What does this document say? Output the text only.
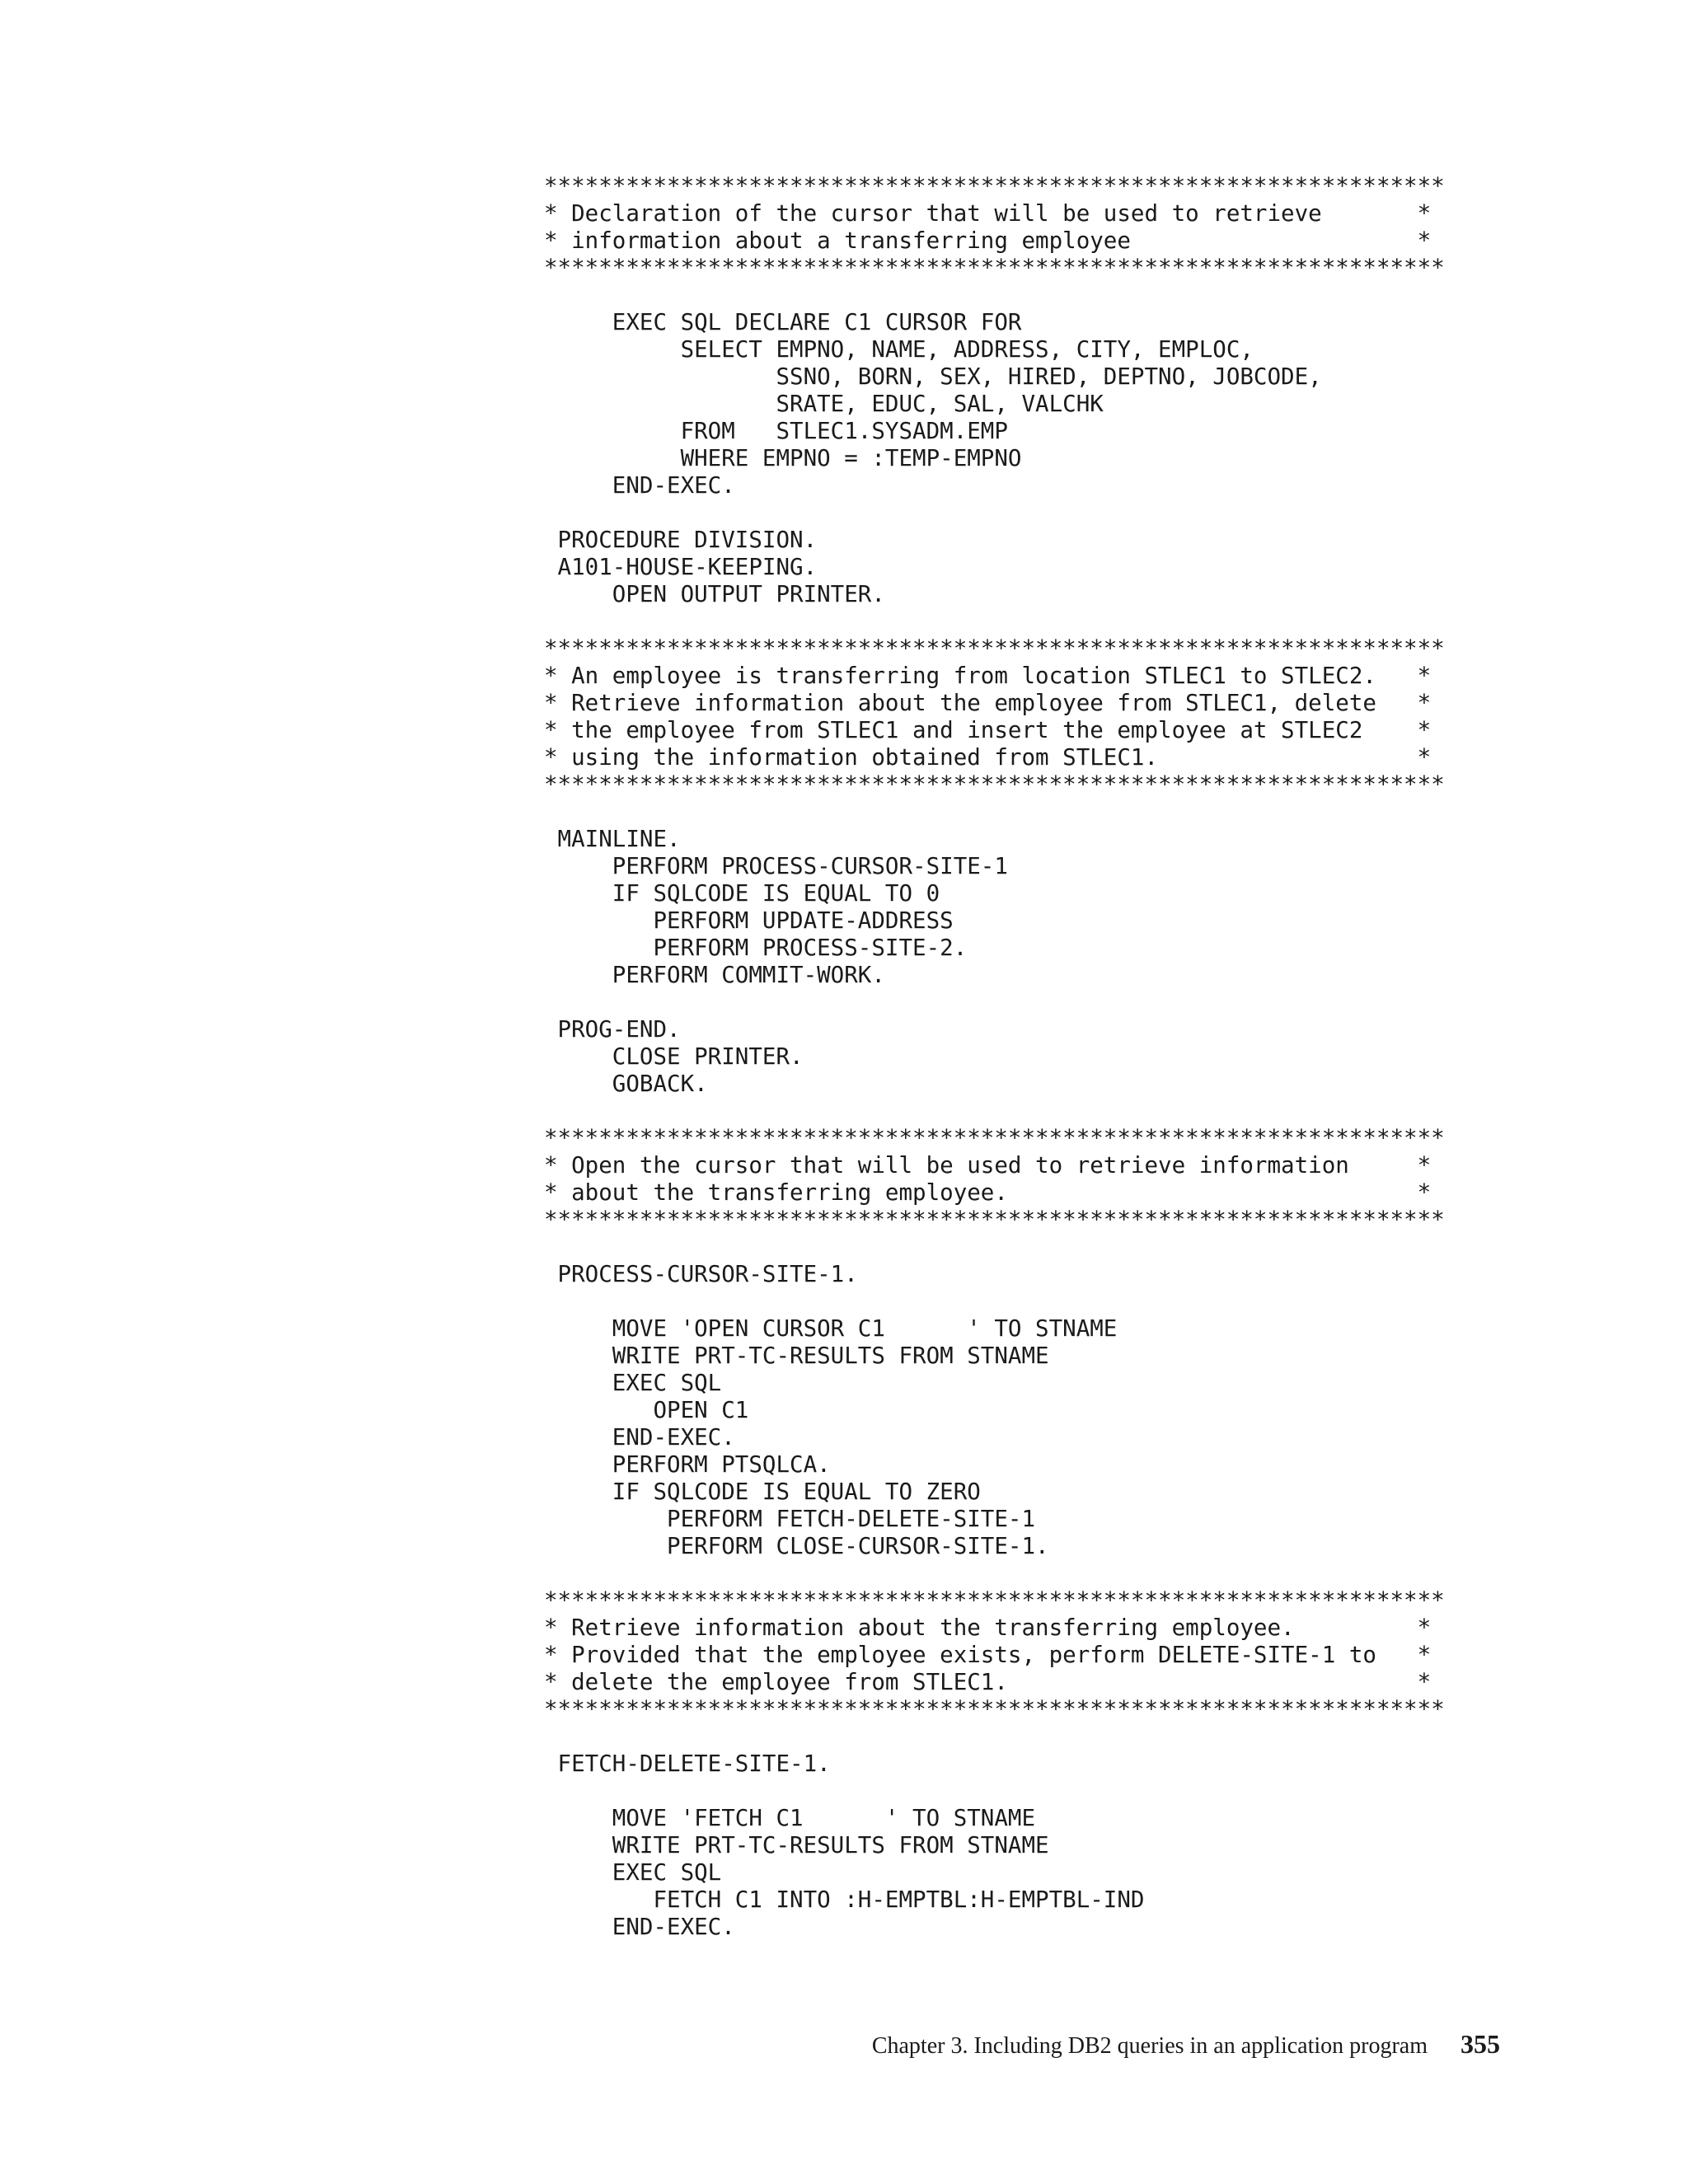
******************************************************************
* Declaration of the cursor that will be used to retrieve       *
* information about a transferring employee                     *
******************************************************************
EXEC SQL DECLARE C1 CURSOR FOR
SELECT EMPNO, NAME, ADDRESS, CITY, EMPLOC,
SSNO, BORN, SEX, HIRED, DEPTNO, JOBCODE,
SRATE, EDUC, SAL, VALCHK
FROM   STLEC1.SYSADM.EMP
WHERE EMPNO = :TEMP-EMPNO
END-EXEC.
PROCEDURE DIVISION.
A101-HOUSE-KEEPING.
OPEN OUTPUT PRINTER.
******************************************************************
* An employee is transferring from location STLEC1 to STLEC2.   *
* Retrieve information about the employee from STLEC1, delete   *
* the employee from STLEC1 and insert the employee at STLEC2    *
* using the information obtained from STLEC1.                   *
******************************************************************
MAINLINE.
PERFORM PROCESS-CURSOR-SITE-1
IF SQLCODE IS EQUAL TO 0
PERFORM UPDATE-ADDRESS
PERFORM PROCESS-SITE-2.
PERFORM COMMIT-WORK.
PROG-END.
CLOSE PRINTER.
GOBACK.
******************************************************************
* Open the cursor that will be used to retrieve information     *
* about the transferring employee.                              *
******************************************************************
PROCESS-CURSOR-SITE-1.
MOVE 'OPEN CURSOR C1      ' TO STNAME
WRITE PRT-TC-RESULTS FROM STNAME
EXEC SQL
OPEN C1
END-EXEC.
PERFORM PTSQLCA.
IF SQLCODE IS EQUAL TO ZERO
PERFORM FETCH-DELETE-SITE-1
PERFORM CLOSE-CURSOR-SITE-1.
******************************************************************
* Retrieve information about the transferring employee.         *
* Provided that the employee exists, perform DELETE-SITE-1 to   *
* delete the employee from STLEC1.                              *
******************************************************************
FETCH-DELETE-SITE-1.
MOVE 'FETCH C1      ' TO STNAME
WRITE PRT-TC-RESULTS FROM STNAME
EXEC SQL
FETCH C1 INTO :H-EMPTBL:H-EMPTBL-IND
END-EXEC.
Chapter 3. Including DB2 queries in an application program 355
